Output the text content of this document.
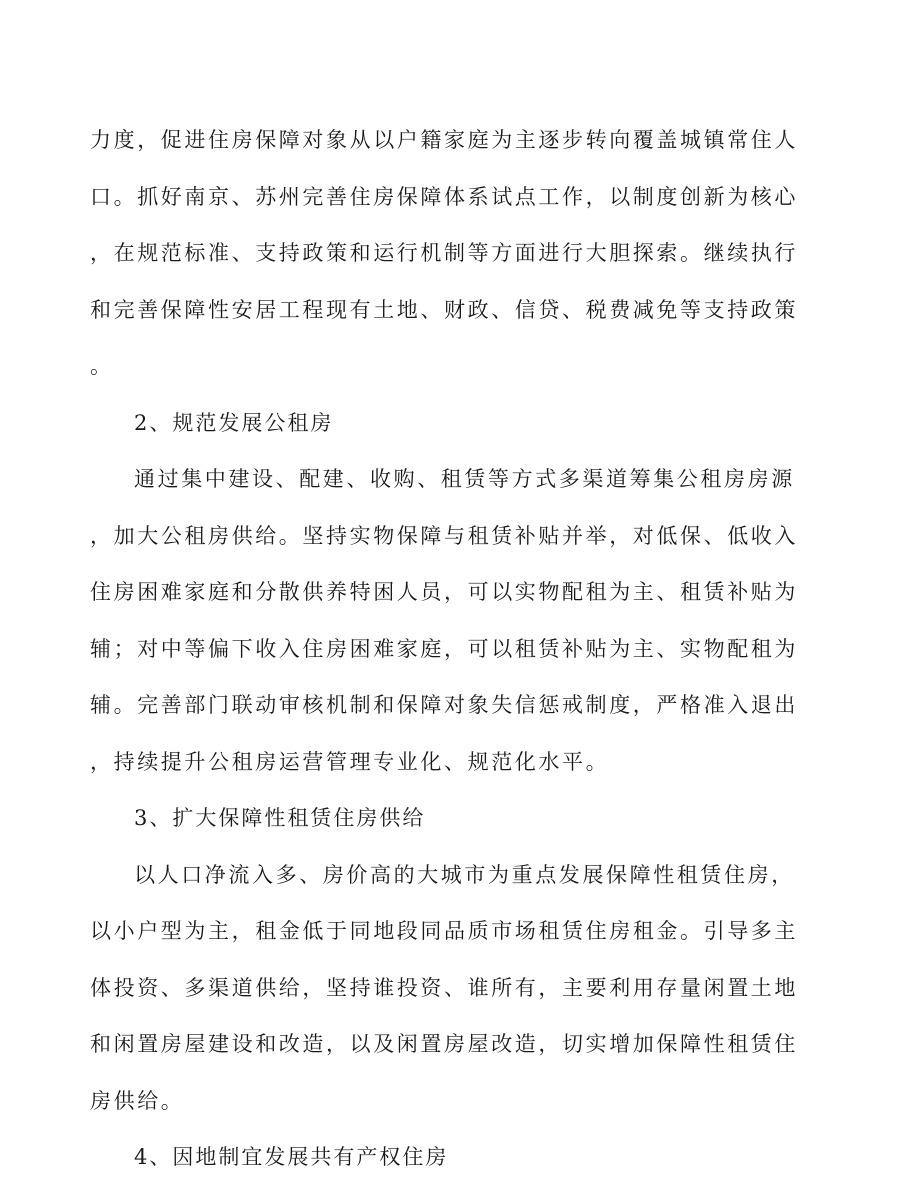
力度，促进住房保障对象从以户籍家庭为主逐步转向覆盖城镇常住人
口。抓好南京、苏州完善住房保障体系试点工作，以制度创新为核心
，在规范标准、支持政策和运行机制等方面进行大胆探索。继续执行
和完善保障性安居工程现有土地、财政、信贷、税费减免等支持政策
。
2、规范发展公租房
通过集中建设、配建、收购、租赁等方式多渠道筹集公租房房源
，加大公租房供给。坚持实物保障与租赁补贴并举，对低保、低收入
住房困难家庭和分散供养特困人员，可以实物配租为主、租赁补贴为
辅；对中等偏下收入住房困难家庭，可以租赁补贴为主、实物配租为
辅。完善部门联动审核机制和保障对象失信惩戒制度，严格准入退出
，持续提升公租房运营管理专业化、规范化水平。
3、扩大保障性租赁住房供给
以人口净流入多、房价高的大城市为重点发展保障性租赁住房，
以小户型为主，租金低于同地段同品质市场租赁住房租金。引导多主
体投资、多渠道供给，坚持谁投资、谁所有，主要利用存量闲置土地
和闲置房屋建设和改造，以及闲置房屋改造，切实增加保障性租赁住
房供给。
4、因地制宜发展共有产权住房
